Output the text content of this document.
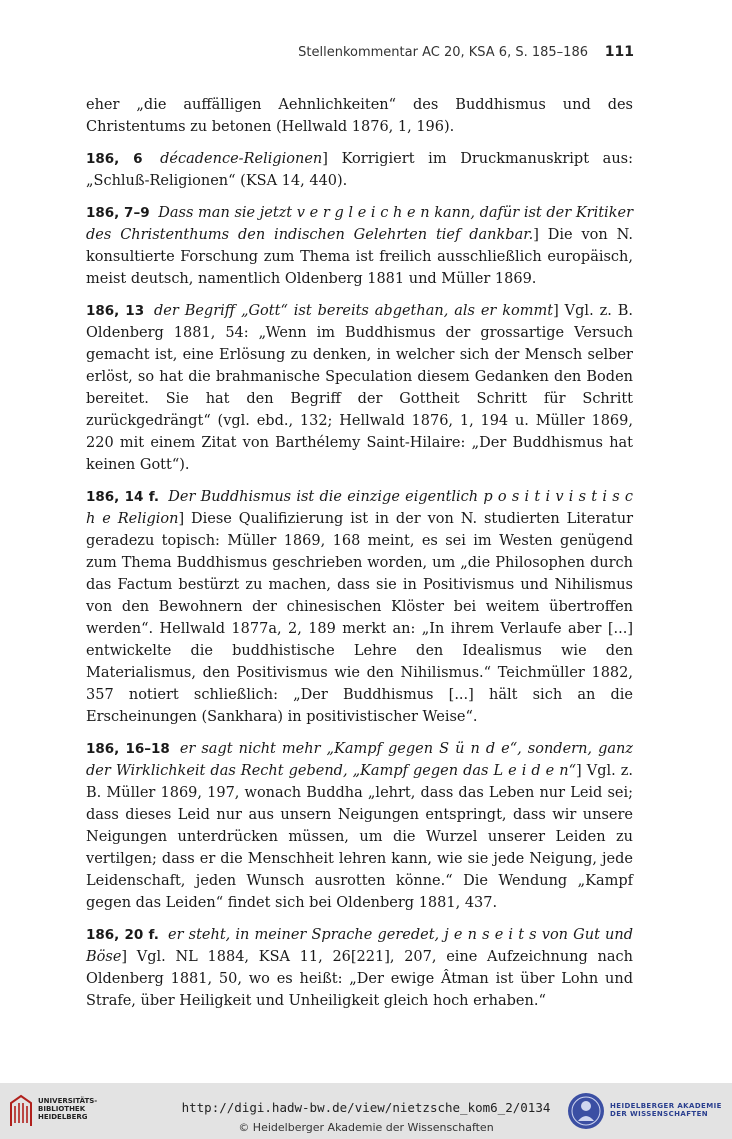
Stellenkommentar AC 20, KSA 6, S. 185–186 111

eher „die auffälligen Aehnlichkeiten“ des Buddhismus und des Christentums zu betonen (Hellwald 1876, 1, 196).

186, 6 décadence-Religionen] Korrigiert im Druckmanuskript aus: „Schluß-Religionen“ (KSA 14, 440).

186, 7–9 Dass man sie jetzt v e r g l e i c h e n kann, dafür ist der Kritiker des Christenthums den indischen Gelehrten tief dankbar.] Die von N. konsultierte Forschung zum Thema ist freilich ausschließlich europäisch, meist deutsch, namentlich Oldenberg 1881 und Müller 1869.

186, 13 der Begriff „Gott“ ist bereits abgethan, als er kommt] Vgl. z. B. Oldenberg 1881, 54: „Wenn im Buddhismus der grossartige Versuch gemacht ist, eine Erlösung zu denken, in welcher sich der Mensch selber erlöst, so hat die brahmanische Speculation diesem Gedanken den Boden bereitet. Sie hat den Begriff der Gottheit Schritt für Schritt zurückgedrängt“ (vgl. ebd., 132; Hellwald 1876, 1, 194 u. Müller 1869, 220 mit einem Zitat von Barthélemy Saint-Hilaire: „Der Buddhismus hat keinen Gott“).

186, 14 f. Der Buddhismus ist die einzige eigentlich p o s i t i v i s t i s c h e Religion] Diese Qualifizierung ist in der von N. studierten Literatur geradezu topisch: Müller 1869, 168 meint, es sei im Westen genügend zum Thema Buddhismus geschrieben worden, um „die Philosophen durch das Factum bestürzt zu machen, dass sie in Positivismus und Nihilismus von den Bewohnern der chinesischen Klöster bei weitem übertroffen werden“. Hellwald 1877a, 2, 189 merkt an: „In ihrem Verlaufe aber [...] entwickelte die buddhistische Lehre den Idealismus wie den Materialismus, den Positivismus wie den Nihilismus.“ Teichmüller 1882, 357 notiert schließlich: „Der Buddhismus [...] hält sich an die Erscheinungen (Sankhara) in positivistischer Weise“.

186, 16–18 er sagt nicht mehr „Kampf gegen S ü n d e“, sondern, ganz der Wirklichkeit das Recht gebend, „Kampf gegen das L e i d e n“] Vgl. z. B. Müller 1869, 197, wonach Buddha „lehrt, dass das Leben nur Leid sei; dass dieses Leid nur aus unsern Neigungen entspringt, dass wir unsere Neigungen unterdrücken müssen, um die Wurzel unserer Leiden zu vertilgen; dass er die Menschheit lehren kann, wie sie jede Neigung, jede Leidenschaft, jeden Wunsch ausrotten könne.“ Die Wendung „Kampf gegen das Leiden“ findet sich bei Oldenberg 1881, 437.

186, 20 f. er steht, in meiner Sprache geredet, j e n s e i t s von Gut und Böse] Vgl. NL 1884, KSA 11, 26[221], 207, eine Aufzeichnung nach Oldenberg 1881, 50, wo es heißt: „Der ewige Âtman ist über Lohn und Strafe, über Heiligkeit und Unheiligkeit gleich hoch erhaben.“

UNIVERSITÄTS-
BIBLIOTHEK
HEIDELBERG
http://digi.hadw-bw.de/view/nietzsche_kom6_2/0134
© Heidelberger Akademie der Wissenschaften
HEIDELBERGER AKADEMIE
DER WISSENSCHAFTEN
